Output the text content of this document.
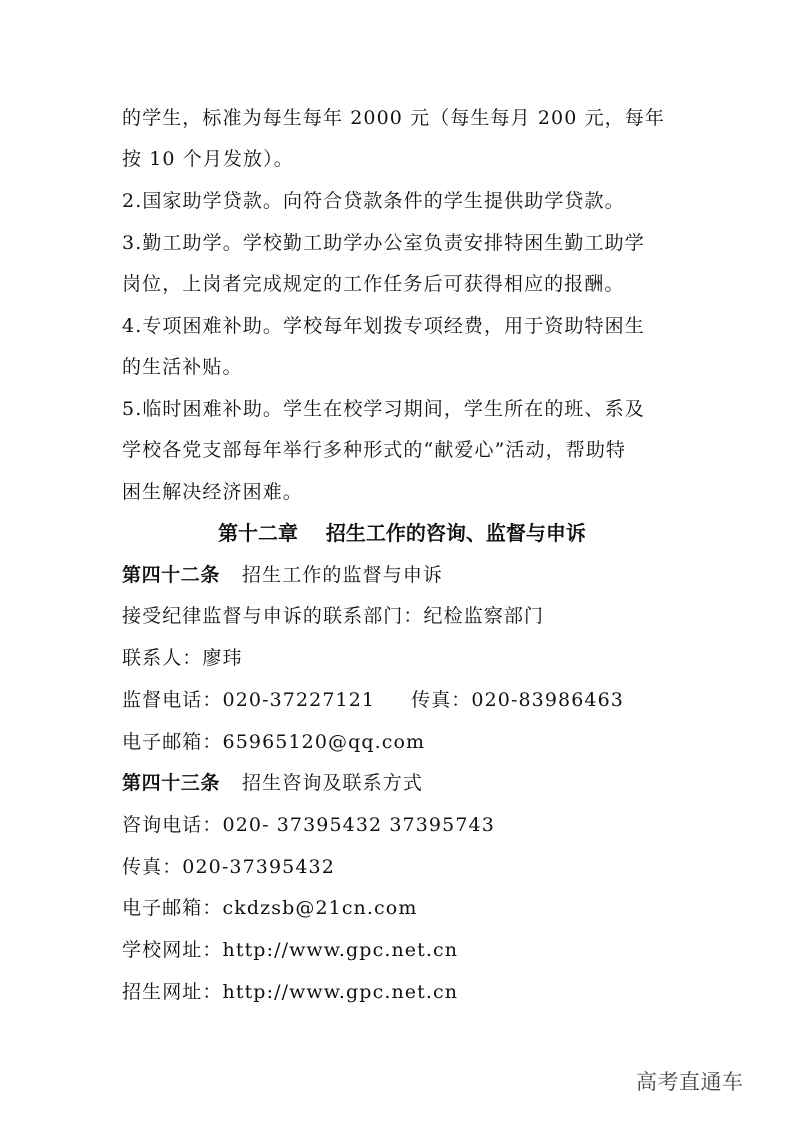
的学生，标准为每生每年 2000 元（每生每月 200 元，每年
按 10 个月发放）。
2.国家助学贷款。向符合贷款条件的学生提供助学贷款。
3.勤工助学。学校勤工助学办公室负责安排特困生勤工助学
岗位，上岗者完成规定的工作任务后可获得相应的报酬。
4.专项困难补助。学校每年划拨专项经费，用于资助特困生
的生活补贴。
5.临时困难补助。学生在校学习期间，学生所在的班、系及
学校各党支部每年举行多种形式的“献爱心”活动，帮助特
困生解决经济困难。
第十二章    招生工作的咨询、监督与申诉
第四十二条 招生工作的监督与申诉
接受纪律监督与申诉的联系部门：纪检监察部门
联系人：廖玮
监督电话：020-37227121 传真：020-83986463
电子邮箱：65965120@qq.com
第四十三条 招生咨询及联系方式
咨询电话：020- 37395432 37395743
传真：020-37395432
电子邮箱：ckdzsb@21cn.com
学校网址：http://www.gpc.net.cn
招生网址：http://www.gpc.net.cn
高考直通车
